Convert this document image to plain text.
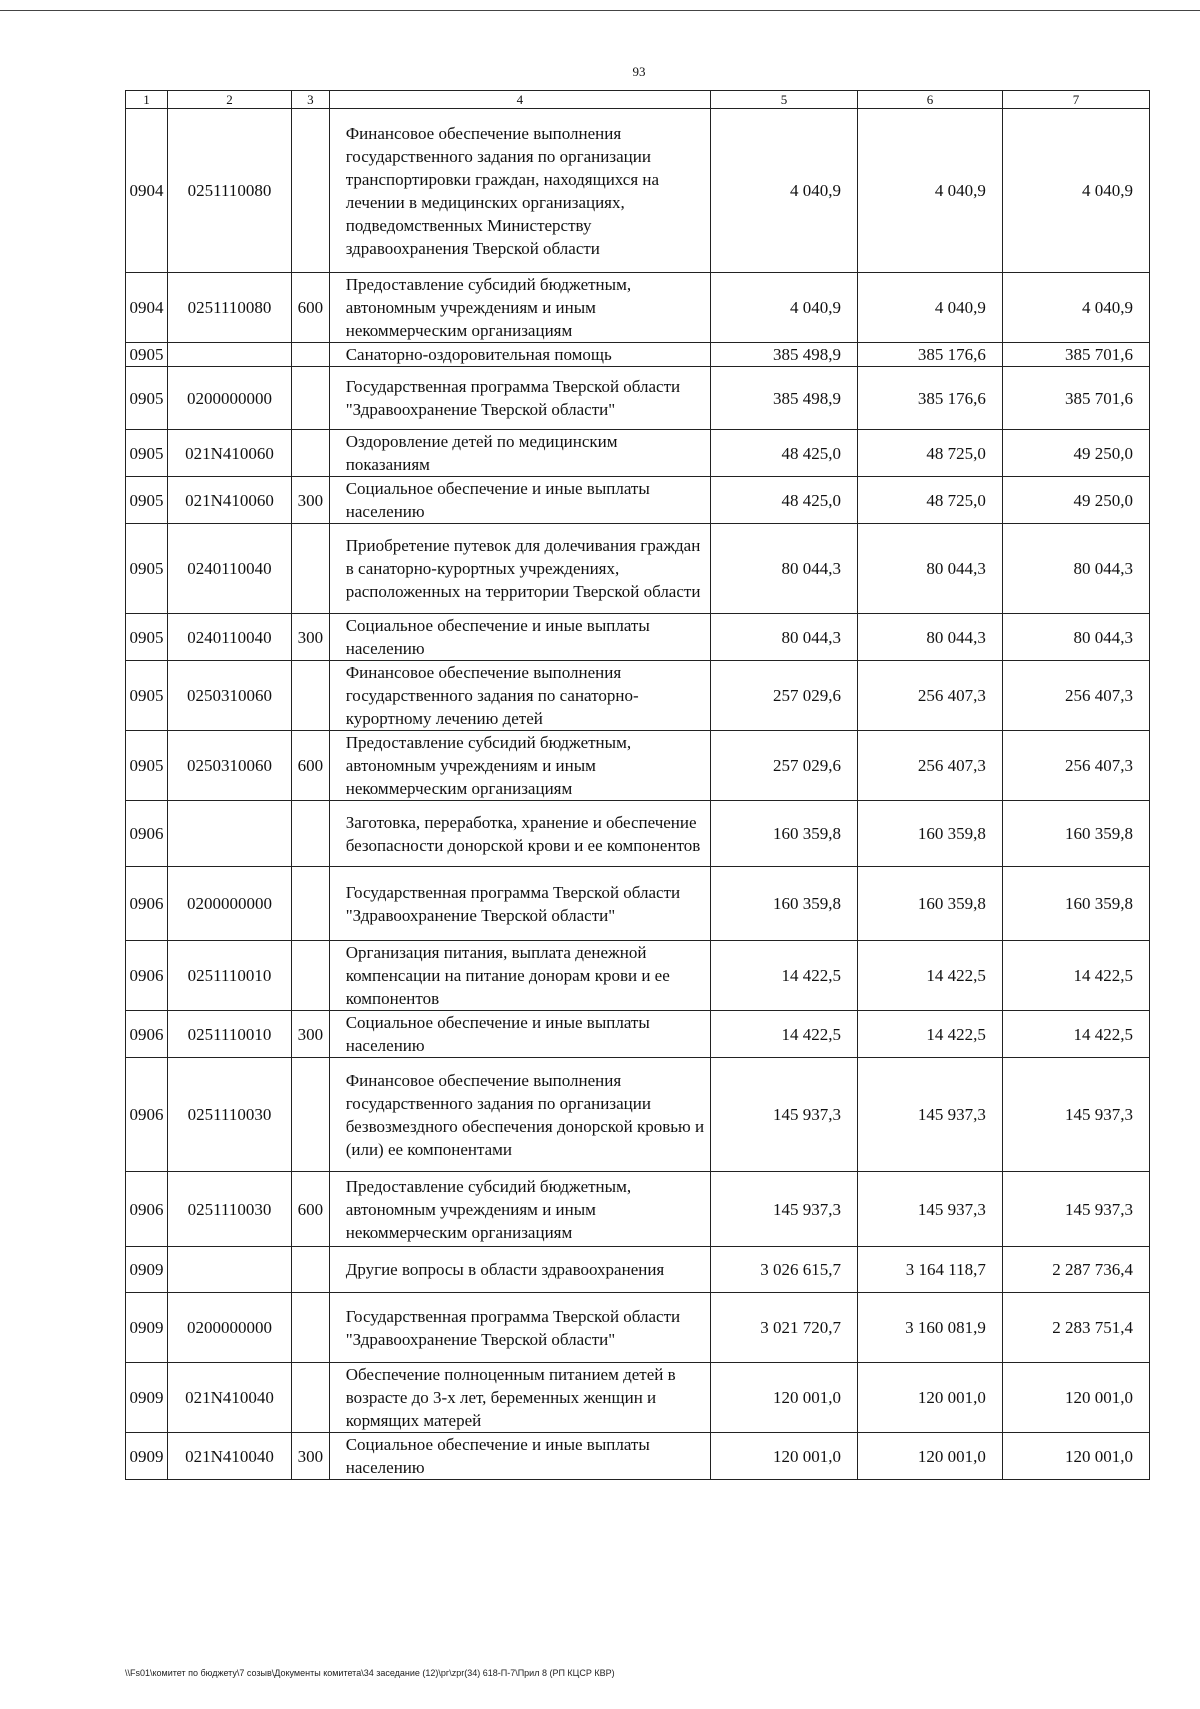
93
1	2	3	4	5	6	7
0904	0251110080		Финансовое обеспечение выполнения государственного задания по организации транспортировки граждан, находящихся на лечении в медицинских организациях, подведомственных Министерству здравоохранения Тверской области	4 040,9	4 040,9	4 040,9
0904	0251110080	600	Предоставление субсидий бюджетным, автономным учреждениям и иным некоммерческим организациям	4 040,9	4 040,9	4 040,9
0905			Санаторно-оздоровительная помощь	385 498,9	385 176,6	385 701,6
0905	0200000000		Государственная программа Тверской области "Здравоохранение Тверской области"	385 498,9	385 176,6	385 701,6
0905	021N410060		Оздоровление детей по медицинским показаниям	48 425,0	48 725,0	49 250,0
0905	021N410060	300	Социальное обеспечение и иные выплаты населению	48 425,0	48 725,0	49 250,0
0905	0240110040		Приобретение путевок для долечивания граждан в санаторно-курортных учреждениях, расположенных на территории Тверской области	80 044,3	80 044,3	80 044,3
0905	0240110040	300	Социальное обеспечение и иные выплаты населению	80 044,3	80 044,3	80 044,3
0905	0250310060		Финансовое обеспечение выполнения государственного задания по санаторно-курортному лечению детей	257 029,6	256 407,3	256 407,3
0905	0250310060	600	Предоставление субсидий бюджетным, автономным учреждениям и иным некоммерческим организациям	257 029,6	256 407,3	256 407,3
0906			Заготовка, переработка, хранение и обеспечение безопасности донорской крови и ее компонентов	160 359,8	160 359,8	160 359,8
0906	0200000000		Государственная программа Тверской области "Здравоохранение Тверской области"	160 359,8	160 359,8	160 359,8
0906	0251110010		Организация питания, выплата денежной компенсации на питание донорам крови и ее компонентов	14 422,5	14 422,5	14 422,5
0906	0251110010	300	Социальное обеспечение и иные выплаты населению	14 422,5	14 422,5	14 422,5
0906	0251110030		Финансовое обеспечение выполнения государственного задания по организации безвозмездного обеспечения донорской кровью и (или) ее компонентами	145 937,3	145 937,3	145 937,3
0906	0251110030	600	Предоставление субсидий бюджетным, автономным учреждениям и иным некоммерческим организациям	145 937,3	145 937,3	145 937,3
0909			Другие вопросы в области здравоохранения	3 026 615,7	3 164 118,7	2 287 736,4
0909	0200000000		Государственная программа Тверской области "Здравоохранение Тверской области"	3 021 720,7	3 160 081,9	2 283 751,4
0909	021N410040		Обеспечение полноценным питанием детей в возрасте до 3-х лет, беременных женщин и кормящих матерей	120 001,0	120 001,0	120 001,0
0909	021N410040	300	Социальное обеспечение и иные выплаты населению	120 001,0	120 001,0	120 001,0
\\Fs01\комитет по бюджету\7 созыв\Документы комитета\34 заседание (12)\рг\zpr(34) 618-П-7\Прил 8 (РП КЦСР КВР)
